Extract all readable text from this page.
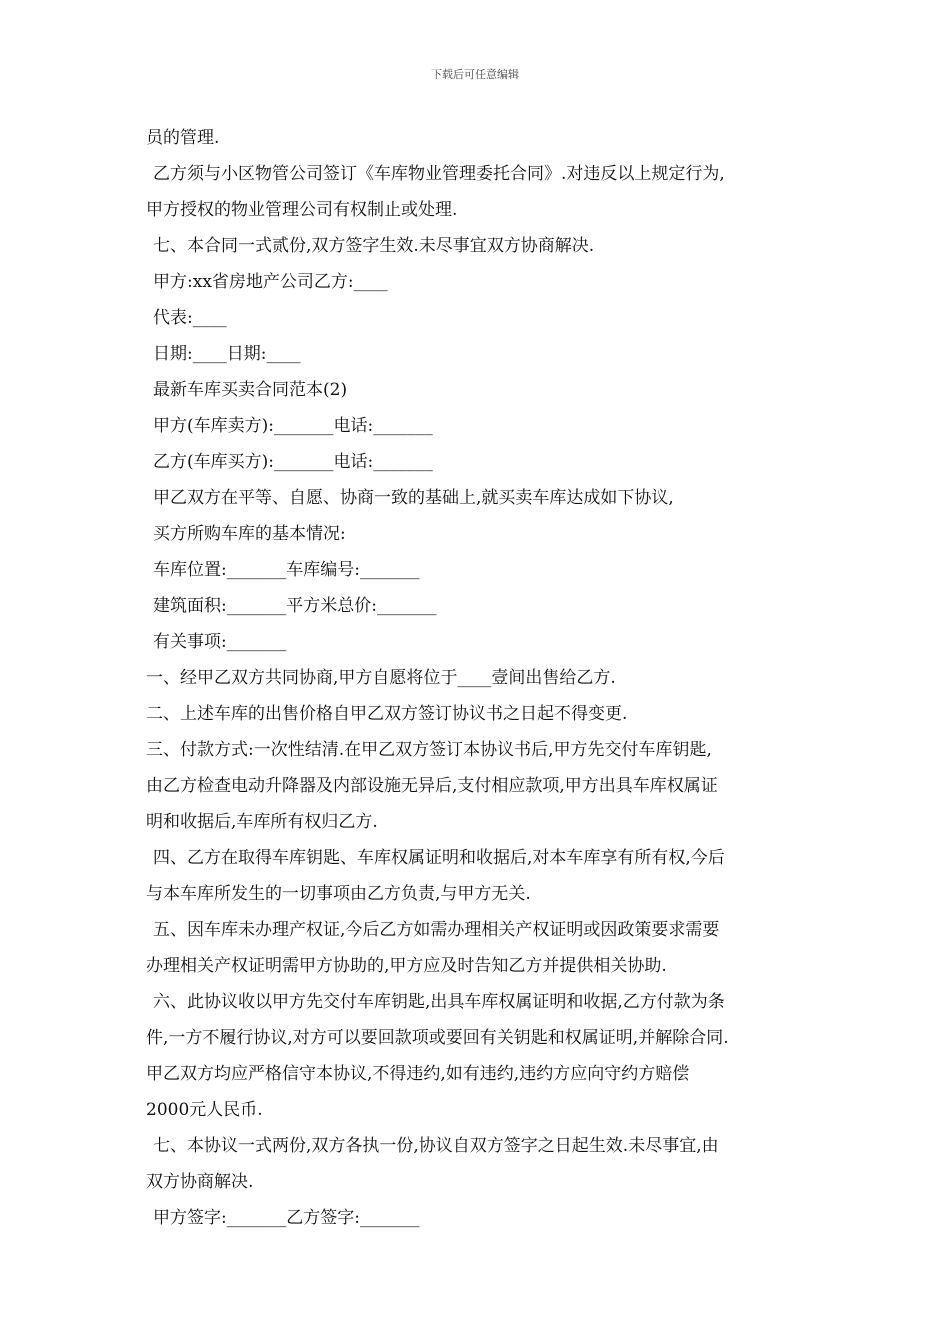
下载后可任意编辑
员的管理.
乙方须与小区物管公司签订《车库物业管理委托合同》.对违反以上规定行为,
甲方授权的物业管理公司有权制止或处理.
七、本合同一式贰份,双方签字生效.未尽事宜双方协商解决.
甲方:xx省房地产公司乙方:____
代表:____
日期:____日期:____
最新车库买卖合同范本(2)
甲方(车库卖方):_______电话:_______
乙方(车库买方):_______电话:_______
甲乙双方在平等、自愿、协商一致的基础上,就买卖车库达成如下协议,
买方所购车库的基本情况:
车库位置:_______车库编号:_______
建筑面积:_______平方米总价:_______
有关事项:_______
一、经甲乙双方共同协商,甲方自愿将位于____壹间出售给乙方.
二、上述车库的出售价格自甲乙双方签订协议书之日起不得变更.
三、付款方式:一次性结清.在甲乙双方签订本协议书后,甲方先交付车库钥匙,
由乙方检查电动升降器及内部设施无异后,支付相应款项,甲方出具车库权属证
明和收据后,车库所有权归乙方.
四、乙方在取得车库钥匙、车库权属证明和收据后,对本车库享有所有权,今后
与本车库所发生的一切事项由乙方负责,与甲方无关.
五、因车库未办理产权证,今后乙方如需办理相关产权证明或因政策要求需要
办理相关产权证明需甲方协助的,甲方应及时告知乙方并提供相关协助.
六、此协议收以甲方先交付车库钥匙,出具车库权属证明和收据,乙方付款为条
件,一方不履行协议,对方可以要回款项或要回有关钥匙和权属证明,并解除合同.
甲乙双方均应严格信守本协议,不得违约,如有违约,违约方应向守约方赔偿
2000元人民币.
七、本协议一式两份,双方各执一份,协议自双方签字之日起生效.未尽事宜,由
双方协商解决.
甲方签字:_______乙方签字:_______
